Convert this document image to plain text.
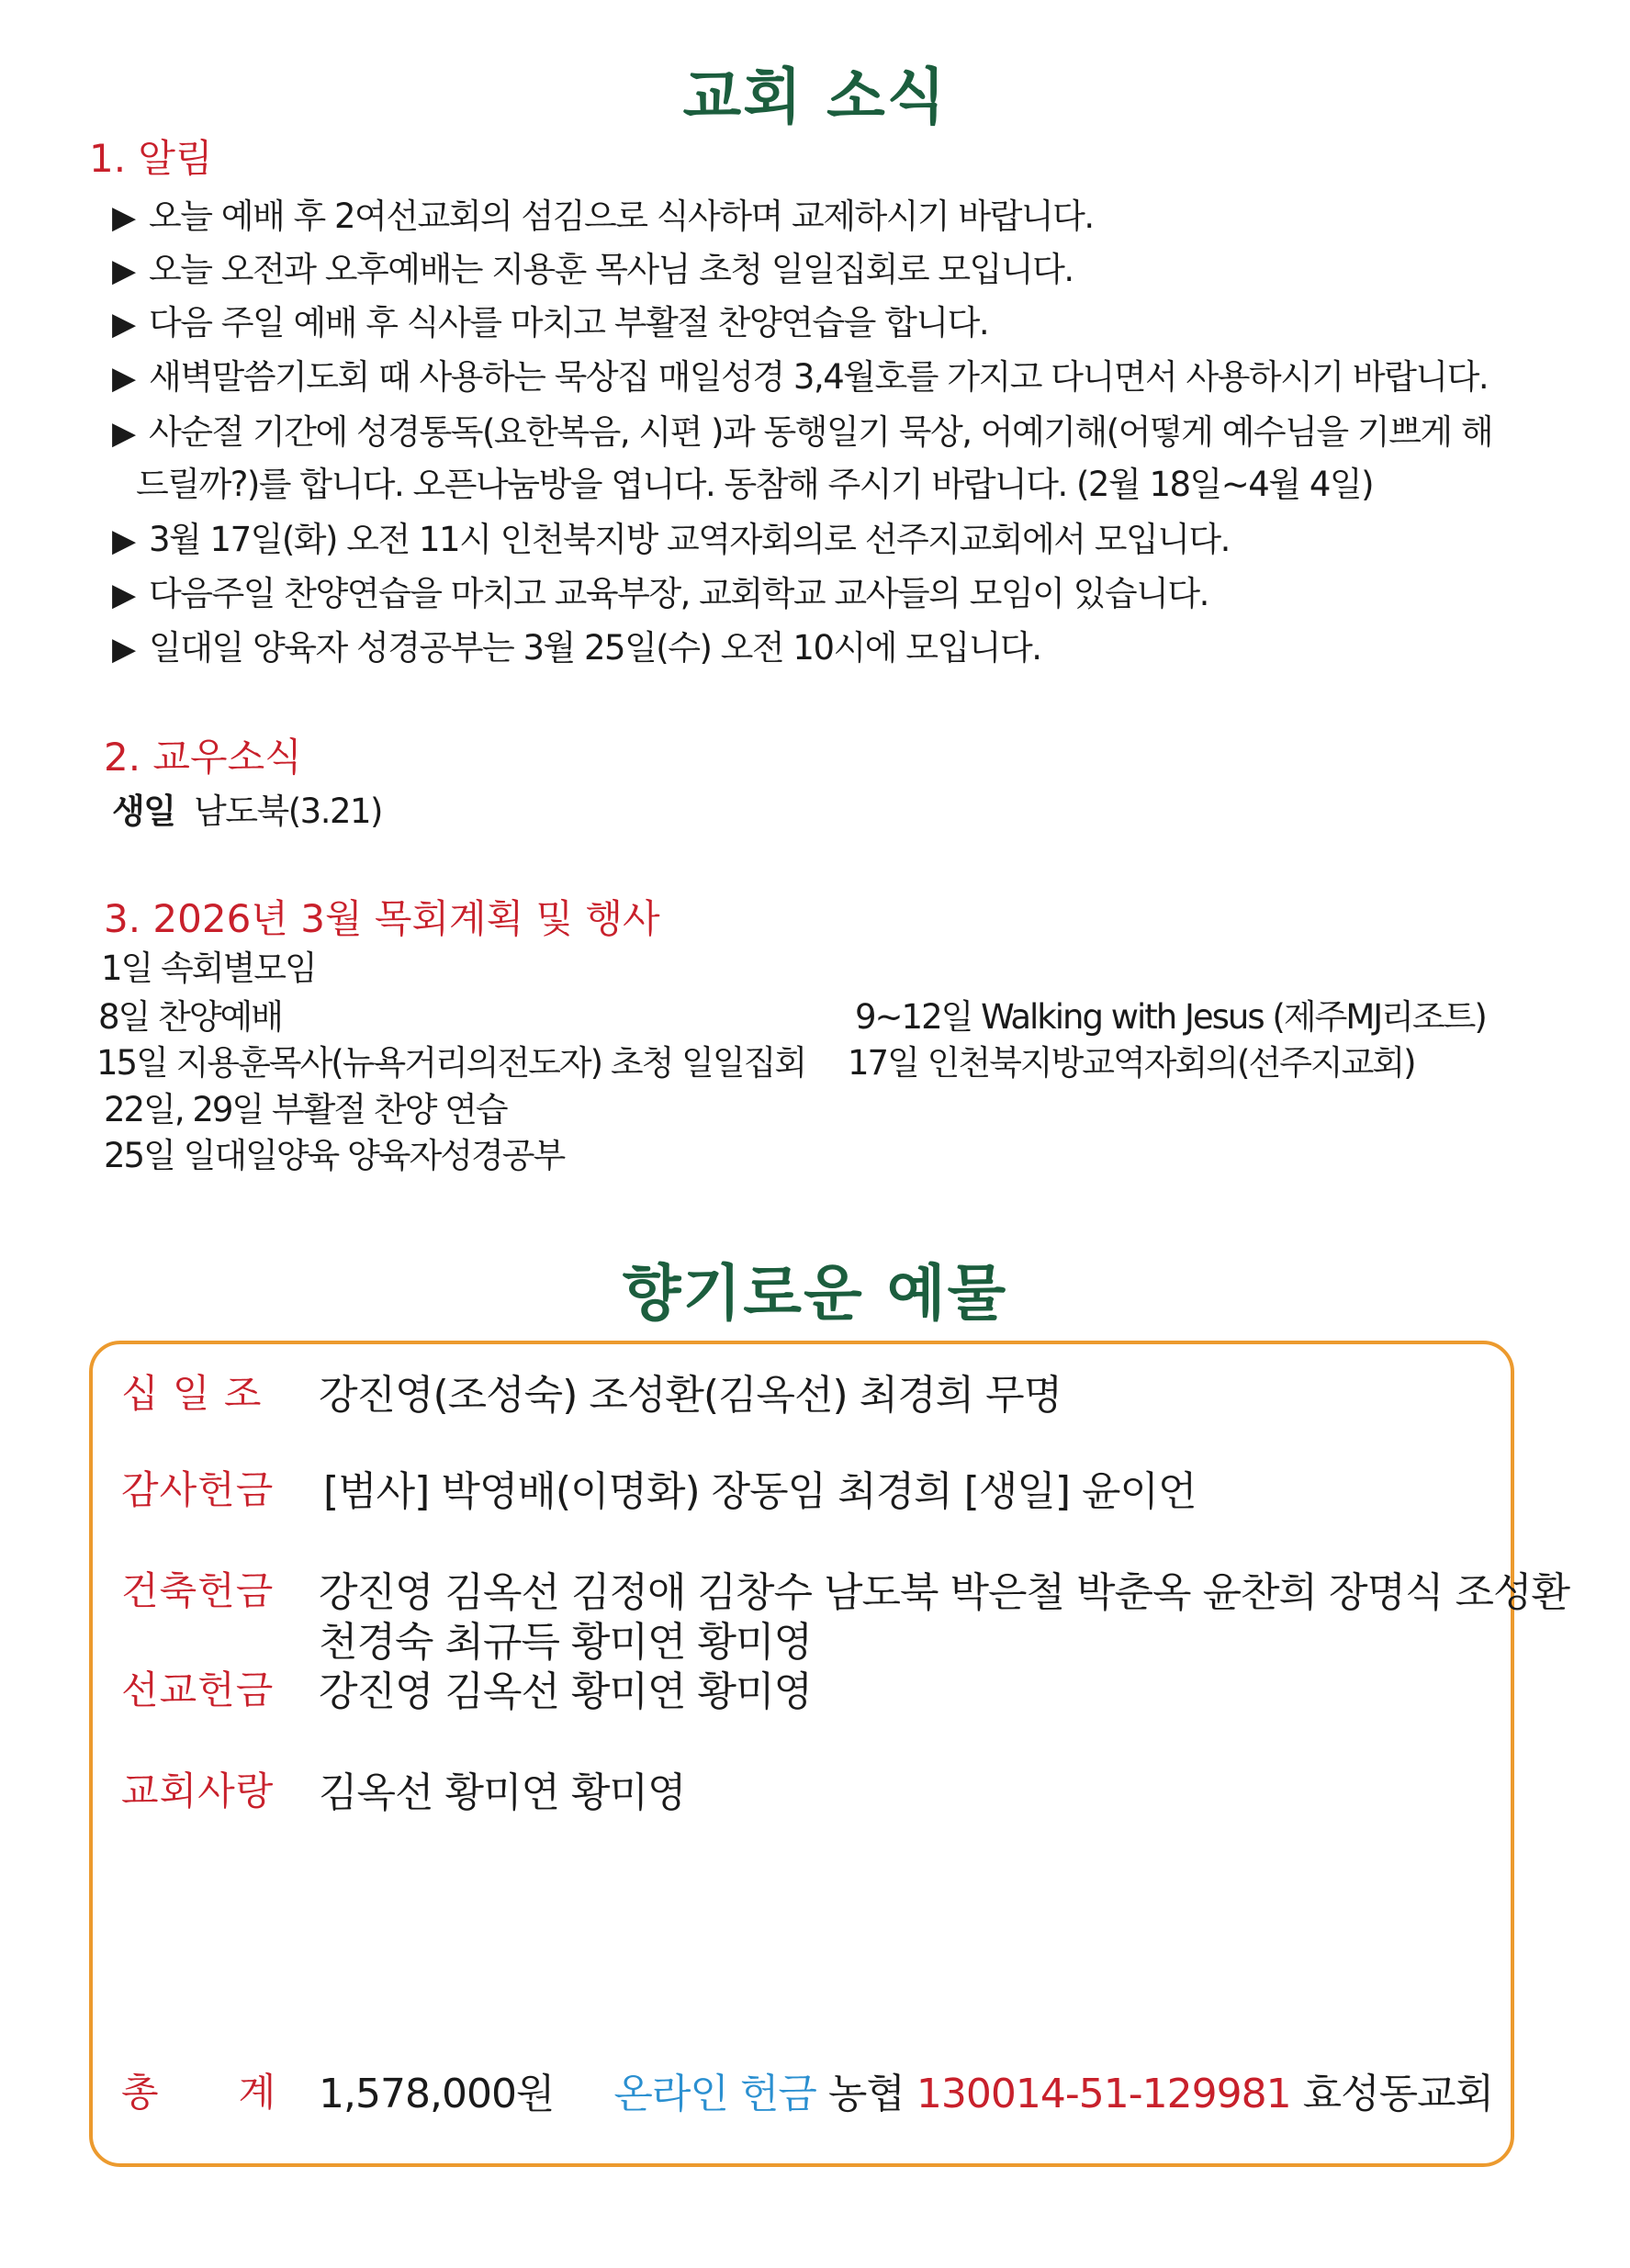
교회 소식
1. 알림
▶ 오늘 예배 후 2여선교회의 섬김으로 식사하며 교제하시기 바랍니다.
▶ 오늘 오전과 오후예배는 지용훈 목사님 초청 일일집회로 모입니다.
▶ 다음 주일 예배 후 식사를 마치고 부활절 찬양연습을 합니다.
▶ 새벽말씀기도회 때 사용하는 묵상집 매일성경 3,4월호를 가지고 다니면서 사용하시기 바랍니다.
▶ 사순절 기간에 성경통독(요한복음, 시편 )과 동행일기 묵상, 어예기해(어떻게 예수님을 기쁘게 해
드릴까?)를 합니다. 오픈나눔방을 엽니다. 동참해 주시기 바랍니다. (2월 18일~4월 4일)
▶ 3월 17일(화) 오전 11시 인천북지방 교역자회의로 선주지교회에서 모입니다.
▶ 다음주일 찬양연습을 마치고 교육부장, 교회학교 교사들의 모임이 있습니다.
▶ 일대일 양육자 성경공부는 3월 25일(수) 오전 10시에 모입니다.
2. 교우소식
생일 남도북(3.21)
3. 2026년 3월 목회계획 및 행사
1일 속회별모임
8일 찬양예배
15일 지용훈목사(뉴욕거리의전도자) 초청 일일집회
22일, 29일 부활절 찬양 연습
25일 일대일양육 양육자성경공부
9~12일 Walking with Jesus (제주MJ리조트)
17일 인천북지방교역자회의(선주지교회)
향기로운 예물
십 일 조 강진영(조성숙) 조성환(김옥선) 최경희 무명
감사헌금 [범사] 박영배(이명화) 장동임 최경희 [생일] 윤이언
건축헌금 강진영 김옥선 김정애 김창수 남도북 박은철 박춘옥 윤찬희 장명식 조성환
천경숙 최규득 황미연 황미영
선교헌금 강진영 김옥선 황미연 황미영
교회사랑 김옥선 황미연 황미영
총      계 1,578,000원 온라인 헌금 농협 130014-51-129981 효성동교회
